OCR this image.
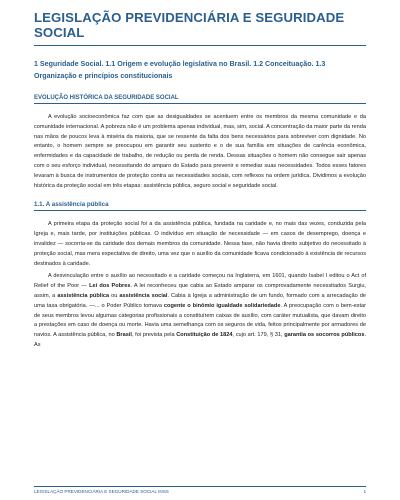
LEGISLAÇÃO PREVIDENCIÁRIA E SEGURIDADE SOCIAL

1 Seguridade Social. 1.1 Origem e evolução legislativa no Brasil. 1.2 Conceituação. 1.3 Organização e princípios constitucionais

EVOLUÇÃO HISTÓRICA DA SEGURIDADE SOCIAL

A evolução socioeconômica faz com que as desigualdades se acentuem entre os membros da mesma comunidade e da comunidade internacional. A pobreza não é um problema apenas individual, mas, sim, social. A concentração da maior parte da renda nas mãos de poucos leva à miséria da maioria, que se ressente da falta dos bens necessários para sobreviver com dignidade. No entanto, o homem sempre se preocupou em garantir seu sustento e o de sua família em situações de carência econômica, enfermidades e da capacidade de trabalho, de redução ou perda de renda. Dessas situações o homem não consegue sair apenas com o seu esforço individual, necessitando do amparo do Estado para prevenir e remediar suas necessidades. Todos esses fatores levaram à busca de instrumentos de proteção contra as necessidades sociais, com reflexos na ordem jurídica. Dividimos a evolução histórica da proteção social em três etapas: assistência pública, seguro social e seguridade social.

1.1. A assistência pública

A primeira etapa da proteção social foi a da assistência pública, fundada na caridade e, no mais das vezes, conduzida pela Igreja e, mais tarde, por instituições públicas. O indivíduo em situação de necessidade — em casos de desemprego, doença e invalidez — socorria-se da caridade dos demais membros da comunidade. Nessa fase, não havia direito subjetivo do necessitado à proteção social, mas mera expectativa de direito, uma vez que o auxílio da comunidade ficava condicionado à existência de recursos destinados à caridade.

A desvinculação entre o auxílio ao necessitado e a caridade começou na Inglaterra, em 1601, quando Isabel I editou o Act of Relief of the Poor — Lei dos Pobres. A lei reconheceu que cabia ao Estado amparar os comprovadamente necessitados Surgiu, assim, a assistência pública ou assistência social. Cabia à Igreja a administração de um fundo, formado com a arrecadação de uma taxa obrigatória. —... o Poder Público tomava cogente o binômio igualdade solidariedade. A preocupação com o bem-estar de seus membros levou algumas categorias profissionais a constituírem caixas de auxílio, com caráter mutualista, que davam direito a prestações em caso de doença ou morte. Havia uma semelhança com os seguros de vida, feitos principalmente por armadores de navios. A assistência pública, no Brasil, foi prevista pela Constituição de 1824, cujo art. 179, § 31, garantia os socorros públicos. As

LEGISLAÇÃO PREVIDENCIÁRIA E SEGURIDADE SOCIAL INSS	1
